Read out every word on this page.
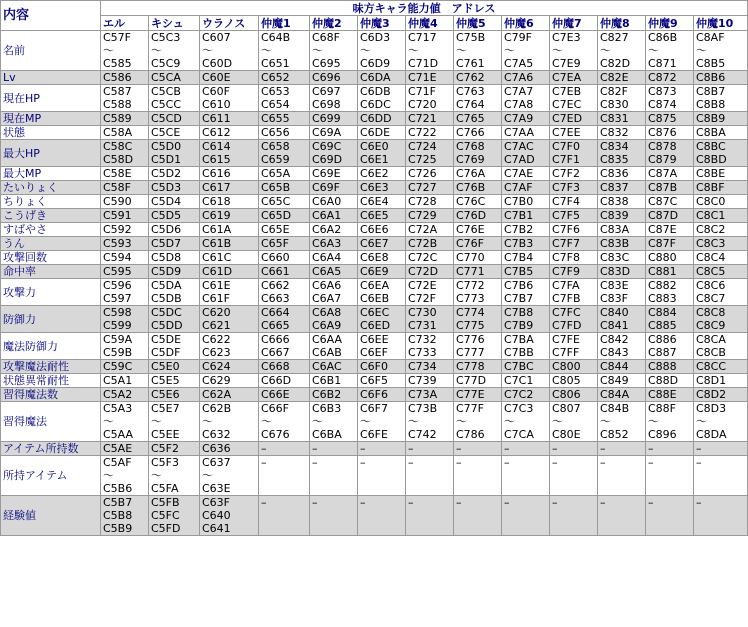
内容	味方キャラ能力値　アドレス												
	エル	キシュ	ウラノス	仲魔1	仲魔2	仲魔3	仲魔4	仲魔5	仲魔6	仲魔7	仲魔8	仲魔9	仲魔10
名前	C57F
～
C585	C5C3
～
C5C9	C607
～
C60D	C64B
～
C651	C68F
～
C695	C6D3
～
C6D9	C717
～
C71D	C75B
～
C761	C79F
～
C7A5	C7E3
～
C7E9	C827
～
C82D	C86B
～
C871	C8AF
～
C8B5

Lv	C586	C5CA	C60E	C652	C696	C6DA	C71E	C762	C7A6	C7EA	C82E	C872	C8B6

現在HP	C587
C588	C5CB
C5CC	C60F
C610	C653
C654	C697
C698	C6DB
C6DC	C71F
C720	C763
C764	C7A7
C7A8	C7EB
C7EC	C82F
C830	C873
C874	C8B7
C8B8

現在MP	C589	C5CD	C611	C655	C699	C6DD	C721	C765	C7A9	C7ED	C831	C875	C8B9

状態	C58A	C5CE	C612	C656	C69A	C6DE	C722	C766	C7AA	C7EE	C832	C876	C8BA

最大HP	C58C
C58D	C5D0
C5D1	C614
C615	C658
C659	C69C
C69D	C6E0
C6E1	C724
C725	C768
C769	C7AC
C7AD	C7F0
C7F1	C834
C835	C878
C879	C8BC
C8BD

最大MP	C58E	C5D2	C616	C65A	C69E	C6E2	C726	C76A	C7AE	C7F2	C836	C87A	C8BE

たいりょく	C58F	C5D3	C617	C65B	C69F	C6E3	C727	C76B	C7AF	C7F3	C837	C87B	C8BF

ちりょく	C590	C5D4	C618	C65C	C6A0	C6E4	C728	C76C	C7B0	C7F4	C838	C87C	C8C0

こうげき	C591	C5D5	C619	C65D	C6A1	C6E5	C729	C76D	C7B1	C7F5	C839	C87D	C8C1

すばやさ	C592	C5D6	C61A	C65E	C6A2	C6E6	C72A	C76E	C7B2	C7F6	C83A	C87E	C8C2

うん	C593	C5D7	C61B	C65F	C6A3	C6E7	C72B	C76F	C7B3	C7F7	C83B	C87F	C8C3

攻撃回数	C594	C5D8	C61C	C660	C6A4	C6E8	C72C	C770	C7B4	C7F8	C83C	C880	C8C4

命中率	C595	C5D9	C61D	C661	C6A5	C6E9	C72D	C771	C7B5	C7F9	C83D	C881	C8C5

攻撃力	C596
C597	C5DA
C5DB	C61E
C61F	C662
C663	C6A6
C6A7	C6EA
C6EB	C72E
C72F	C772
C773	C7B6
C7B7	C7FA
C7FB	C83E
C83F	C882
C883	C8C6
C8C7

防御力	C598
C599	C5DC
C5DD	C620
C621	C664
C665	C6A8
C6A9	C6EC
C6ED	C730
C731	C774
C775	C7B8
C7B9	C7FC
C7FD	C840
C841	C884
C885	C8C8
C8C9

魔法防御力	C59A
C59B	C5DE
C5DF	C622
C623	C666
C667	C6AA
C6AB	C6EE
C6EF	C732
C733	C776
C777	C7BA
C7BB	C7FE
C7FF	C842
C843	C886
C887	C8CA
C8CB

攻撃魔法耐性	C59C	C5E0	C624	C668	C6AC	C6F0	C734	C778	C7BC	C800	C844	C888	C8CC

状態異常耐性	C5A1	C5E5	C629	C66D	C6B1	C6F5	C739	C77D	C7C1	C805	C849	C88D	C8D1

習得魔法数	C5A2	C5E6	C62A	C66E	C6B2	C6F6	C73A	C77E	C7C2	C806	C84A	C88E	C8D2

習得魔法	C5A3
～
C5AA	C5E7
～
C5EE	C62B
～
C632	C66F
～
C676	C6B3
～
C6BA	C6F7
～
C6FE	C73B
～
C742	C77F
～
C786	C7C3
～
C7CA	C807
～
C80E	C84B
～
C852	C88F
～
C896	C8D3
～
C8DA

アイテム所持数	C5AE	C5F2	C636	–	–	–	–	–	–	–	–	–	–

所持アイテム	C5AF
～
C5B6	C5F3
～
C5FA	C637
～
C63E	–	–	–	–	–	–	–	–	–	–

経験値	C5B7
C5B8
C5B9	C5FB
C5FC
C5FD	C63F
C640
C641	–	–	–	–	–	–	–	–	–	–
